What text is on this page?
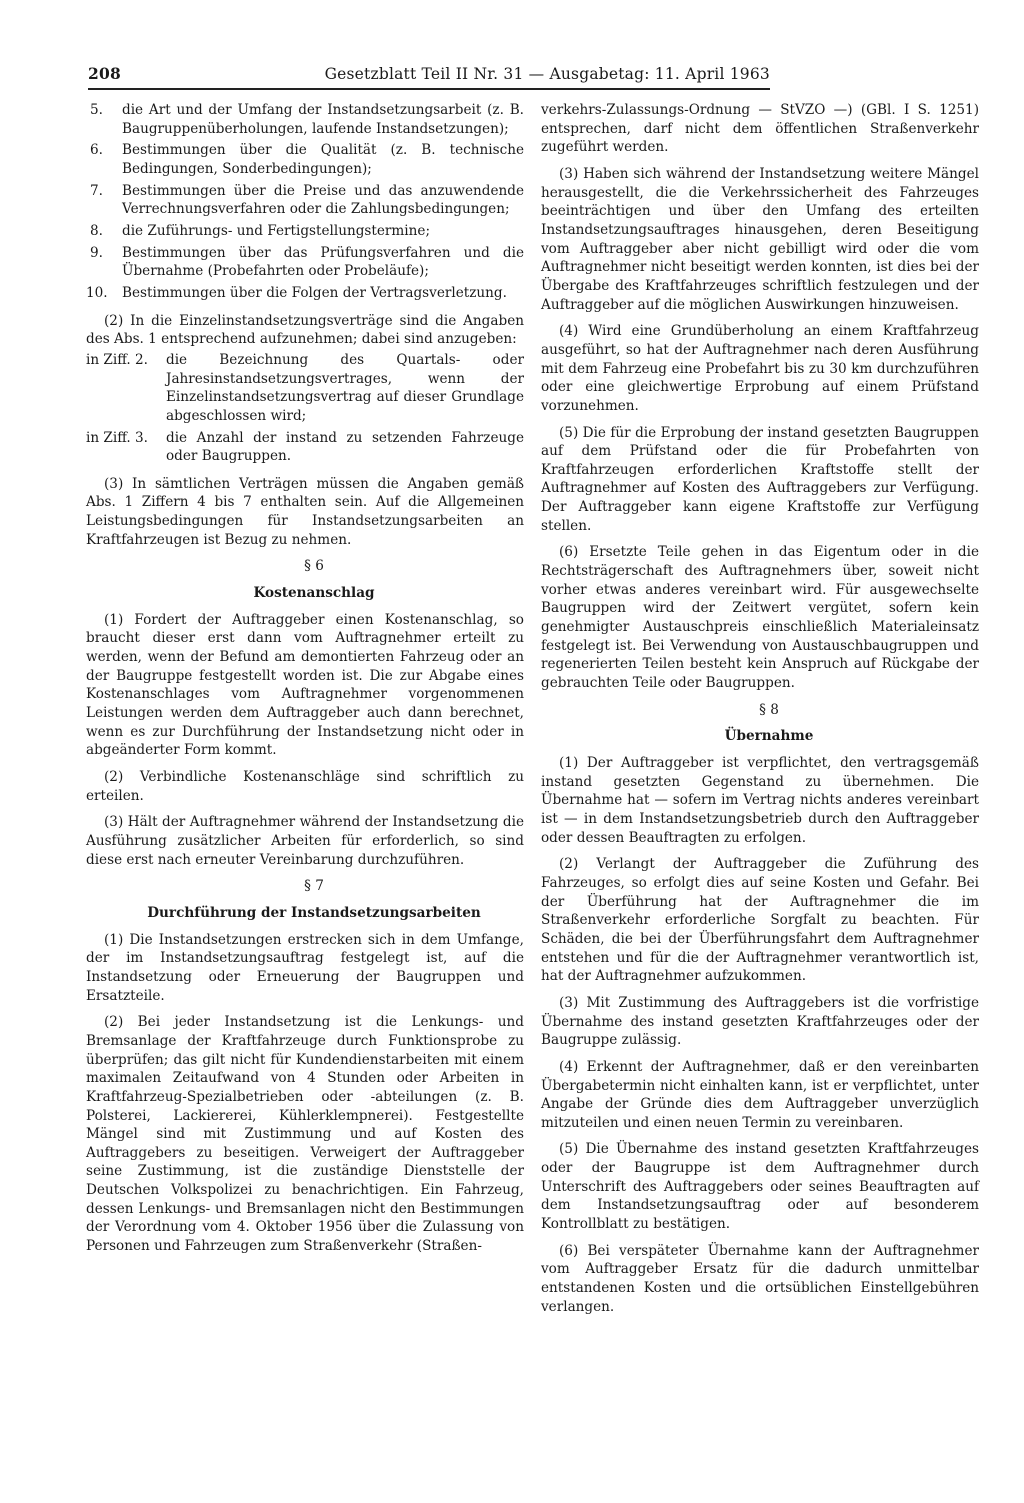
208	Gesetzblatt Teil II Nr. 31 — Ausgabetag: 11. April 1963
5. die Art und der Umfang der Instandsetzungsarbeit (z. B. Baugruppenüberholungen, laufende Instandsetzungen);
6. Bestimmungen über die Qualität (z. B. technische Bedingungen, Sonderbedingungen);
7. Bestimmungen über die Preise und das anzuwendende Verrechnungsverfahren oder die Zahlungsbedingungen;
8. die Zuführungs- und Fertigstellungstermine;
9. Bestimmungen über das Prüfungsverfahren und die Übernahme (Probefahrten oder Probeläufe);
10. Bestimmungen über die Folgen der Vertragsverletzung.

(2) In die Einzelinstandsetzungsverträge sind die Angaben des Abs. 1 entsprechend aufzunehmen; dabei sind anzugeben:

in Ziff. 2. die Bezeichnung des Quartals- oder Jahresinstandsetzungsvertrages, wenn der Einzelinstandsetzungsvertrag auf dieser Grundlage abgeschlossen wird;
in Ziff. 3. die Anzahl der instand zu setzenden Fahrzeuge oder Baugruppen.

(3) In sämtlichen Verträgen müssen die Angaben gemäß Abs. 1 Ziffern 4 bis 7 enthalten sein. Auf die Allgemeinen Leistungsbedingungen für Instandsetzungsarbeiten an Kraftfahrzeugen ist Bezug zu nehmen.

§ 6

Kostenanschlag

(1) Fordert der Auftraggeber einen Kostenanschlag, so braucht dieser erst dann vom Auftragnehmer erteilt zu werden, wenn der Befund am demontierten Fahrzeug oder an der Baugruppe festgestellt worden ist. Die zur Abgabe eines Kostenanschlages vom Auftragnehmer vorgenommenen Leistungen werden dem Auftraggeber auch dann berechnet, wenn es zur Durchführung der Instandsetzung nicht oder in abgeänderter Form kommt.

(2) Verbindliche Kostenanschläge sind schriftlich zu erteilen.

(3) Hält der Auftragnehmer während der Instandsetzung die Ausführung zusätzlicher Arbeiten für erforderlich, so sind diese erst nach erneuter Vereinbarung durchzuführen.

§ 7

Durchführung der Instandsetzungsarbeiten

(1) Die Instandsetzungen erstrecken sich in dem Umfange, der im Instandsetzungsauftrag festgelegt ist, auf die Instandsetzung oder Erneuerung der Baugruppen und Ersatzteile.

(2) Bei jeder Instandsetzung ist die Lenkungs- und Bremsanlage der Kraftfahrzeuge durch Funktionsprobe zu überprüfen; das gilt nicht für Kundendienstarbeiten mit einem maximalen Zeitaufwand von 4 Stunden oder Arbeiten in Kraftfahrzeug-Spezialbetrieben oder -abteilungen (z. B. Polsterei, Lackiererei, Kühlerklempnerei). Festgestellte Mängel sind mit Zustimmung und auf Kosten des Auftraggebers zu beseitigen. Verweigert der Auftraggeber seine Zustimmung, ist die zuständige Dienststelle der Deutschen Volkspolizei zu benachrichtigen. Ein Fahrzeug, dessen Lenkungs- und Bremsanlagen nicht den Bestimmungen der Verordnung vom 4. Oktober 1956 über die Zulassung von Personen und Fahrzeugen zum Straßenverkehr (Straßen-

verkehrs-Zulassungs-Ordnung — StVZO —) (GBl. I S. 1251) entsprechen, darf nicht dem öffentlichen Straßenverkehr zugeführt werden.

(3) Haben sich während der Instandsetzung weitere Mängel herausgestellt, die die Verkehrssicherheit des Fahrzeuges beeinträchtigen und über den Umfang des erteilten Instandsetzungsauftrages hinausgehen, deren Beseitigung vom Auftraggeber aber nicht gebilligt wird oder die vom Auftragnehmer nicht beseitigt werden konnten, ist dies bei der Übergabe des Kraftfahrzeuges schriftlich festzulegen und der Auftraggeber auf die möglichen Auswirkungen hinzuweisen.

(4) Wird eine Grundüberholung an einem Kraftfahrzeug ausgeführt, so hat der Auftragnehmer nach deren Ausführung mit dem Fahrzeug eine Probefahrt bis zu 30 km durchzuführen oder eine gleichwertige Erprobung auf einem Prüfstand vorzunehmen.

(5) Die für die Erprobung der instand gesetzten Baugruppen auf dem Prüfstand oder die für Probefahrten von Kraftfahrzeugen erforderlichen Kraftstoffe stellt der Auftragnehmer auf Kosten des Auftraggebers zur Verfügung. Der Auftraggeber kann eigene Kraftstoffe zur Verfügung stellen.

(6) Ersetzte Teile gehen in das Eigentum oder in die Rechtsträgerschaft des Auftragnehmers über, soweit nicht vorher etwas anderes vereinbart wird. Für ausgewechselte Baugruppen wird der Zeitwert vergütet, sofern kein genehmigter Austauschpreis einschließlich Materialeinsatz festgelegt ist. Bei Verwendung von Austauschbaugruppen und regenerierten Teilen besteht kein Anspruch auf Rückgabe der gebrauchten Teile oder Baugruppen.

§ 8

Übernahme

(1) Der Auftraggeber ist verpflichtet, den vertragsgemäß instand gesetzten Gegenstand zu übernehmen. Die Übernahme hat — sofern im Vertrag nichts anderes vereinbart ist — in dem Instandsetzungsbetrieb durch den Auftraggeber oder dessen Beauftragten zu erfolgen.

(2) Verlangt der Auftraggeber die Zuführung des Fahrzeuges, so erfolgt dies auf seine Kosten und Gefahr. Bei der Überführung hat der Auftragnehmer die im Straßenverkehr erforderliche Sorgfalt zu beachten. Für Schäden, die bei der Überführungsfahrt dem Auftragnehmer entstehen und für die der Auftragnehmer verantwortlich ist, hat der Auftragnehmer aufzukommen.

(3) Mit Zustimmung des Auftraggebers ist die vorfristige Übernahme des instand gesetzten Kraftfahrzeuges oder der Baugruppe zulässig.

(4) Erkennt der Auftragnehmer, daß er den vereinbarten Übergabetermin nicht einhalten kann, ist er verpflichtet, unter Angabe der Gründe dies dem Auftraggeber unverzüglich mitzuteilen und einen neuen Termin zu vereinbaren.

(5) Die Übernahme des instand gesetzten Kraftfahrzeuges oder der Baugruppe ist dem Auftragnehmer durch Unterschrift des Auftraggebers oder seines Beauftragten auf dem Instandsetzungsauftrag oder auf besonderem Kontrollblatt zu bestätigen.

(6) Bei verspäteter Übernahme kann der Auftragnehmer vom Auftraggeber Ersatz für die dadurch unmittelbar entstandenen Kosten und die ortsüblichen Einstellgebühren verlangen.
